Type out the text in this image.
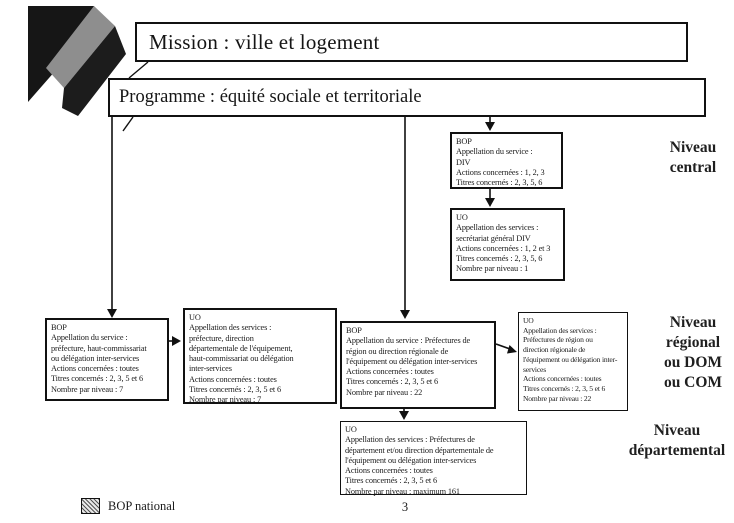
Mission : ville et logement
Programme : équité sociale et territoriale
BOP
Appellation du service :
DIV
Actions concernées : 1, 2, 3
Titres concernés : 2, 3, 5, 6
UO
Appellation des services :
secrétariat général DIV
Actions concernées : 1, 2 et 3
Titres concernés : 2, 3, 5, 6
Nombre par niveau : 1
BOP
Appellation du service :
préfecture, haut-commissariat
ou délégation inter-services
Actions concernées : toutes
Titres concernés : 2, 3, 5 et 6
Nombre par niveau : 7
UO
Appellation des services :
préfecture, direction
départementale de l'équipement,
haut-commissariat ou délégation
inter-services
Actions concernées : toutes
Titres concernés : 2, 3, 5 et 6
Nombre par niveau : 7
BOP
Appellation du service : Préfectures de
région ou direction régionale de
l'équipement ou délégation inter-services
Actions concernées : toutes
Titres concernés : 2, 3, 5 et 6
Nombre par niveau : 22
UO
Appellation des services :
Préfectures de région ou
direction régionale de
l'équipement ou délégation inter-
services
Actions concernées : toutes
Titres concernés : 2, 3, 5 et 6
Nombre par niveau : 22
UO
Appellation des services : Préfectures de
département et/ou direction départementale de
l'équipement ou délégation inter-services
Actions concernées : toutes
Titres concernés : 2, 3, 5 et 6
Nombre par niveau : maximum 161
Niveau
central
Niveau
régional
ou DOM
ou COM
Niveau
départemental
BOP national	3
